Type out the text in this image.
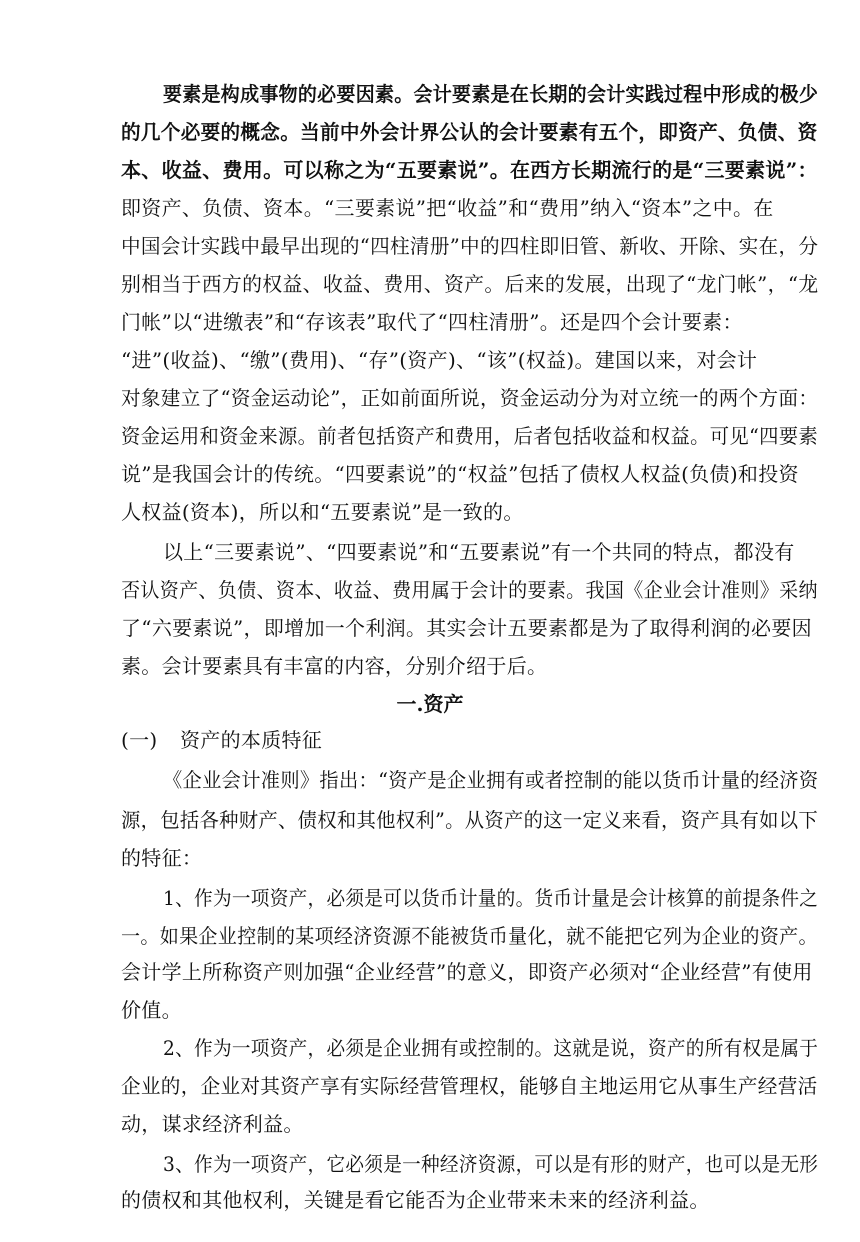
要素是构成事物的必要因素。会计要素是在长期的会计实践过程中形成的极少
的几个必要的概念。当前中外会计界公认的会计要素有五个，即资产、负债、资
本、收益、费用。可以称之为“五要素说”。在西方长期流行的是“三要素说”：
即资产、负债、资本。“三要素说”把“收益”和“费用”纳入“资本”之中。在
中国会计实践中最早出现的“四柱清册”中的四柱即旧管、新收、开除、实在，分
别相当于西方的权益、收益、费用、资产。后来的发展，出现了“龙门帐”，“龙
门帐”以“进缴表”和“存该表”取代了“四柱清册”。还是四个会计要素：
“进”(收益)、“缴”(费用)、“存”(资产)、“该”(权益)。建国以来，对会计
对象建立了“资金运动论”，正如前面所说，资金运动分为对立统一的两个方面：
资金运用和资金来源。前者包括资产和费用，后者包括收益和权益。可见“四要素
说”是我国会计的传统。“四要素说”的“权益”包括了债权人权益(负债)和投资
人权益(资本)，所以和“五要素说”是一致的。
以上“三要素说”、“四要素说”和“五要素说”有一个共同的特点，都没有
否认资产、负债、资本、收益、费用属于会计的要素。我国《企业会计准则》采纳
了“六要素说”，即增加一个利润。其实会计五要素都是为了取得利润的必要因
素。会计要素具有丰富的内容，分别介绍于后。
一.资产
(一) 资产的本质特征
《企业会计准则》指出：“资产是企业拥有或者控制的能以货币计量的经济资
源，包括各种财产、债权和其他权利”。从资产的这一定义来看，资产具有如以下
的特征：
1、作为一项资产，必须是可以货币计量的。货币计量是会计核算的前提条件之
一。如果企业控制的某项经济资源不能被货币量化，就不能把它列为企业的资产。
会计学上所称资产则加强“企业经营”的意义，即资产必须对“企业经营”有使用
价值。
2、作为一项资产，必须是企业拥有或控制的。这就是说，资产的所有权是属于
企业的，企业对其资产享有实际经营管理权，能够自主地运用它从事生产经营活
动，谋求经济利益。
3、作为一项资产，它必须是一种经济资源，可以是有形的财产，也可以是无形
的债权和其他权利，关键是看它能否为企业带来未来的经济利益。
